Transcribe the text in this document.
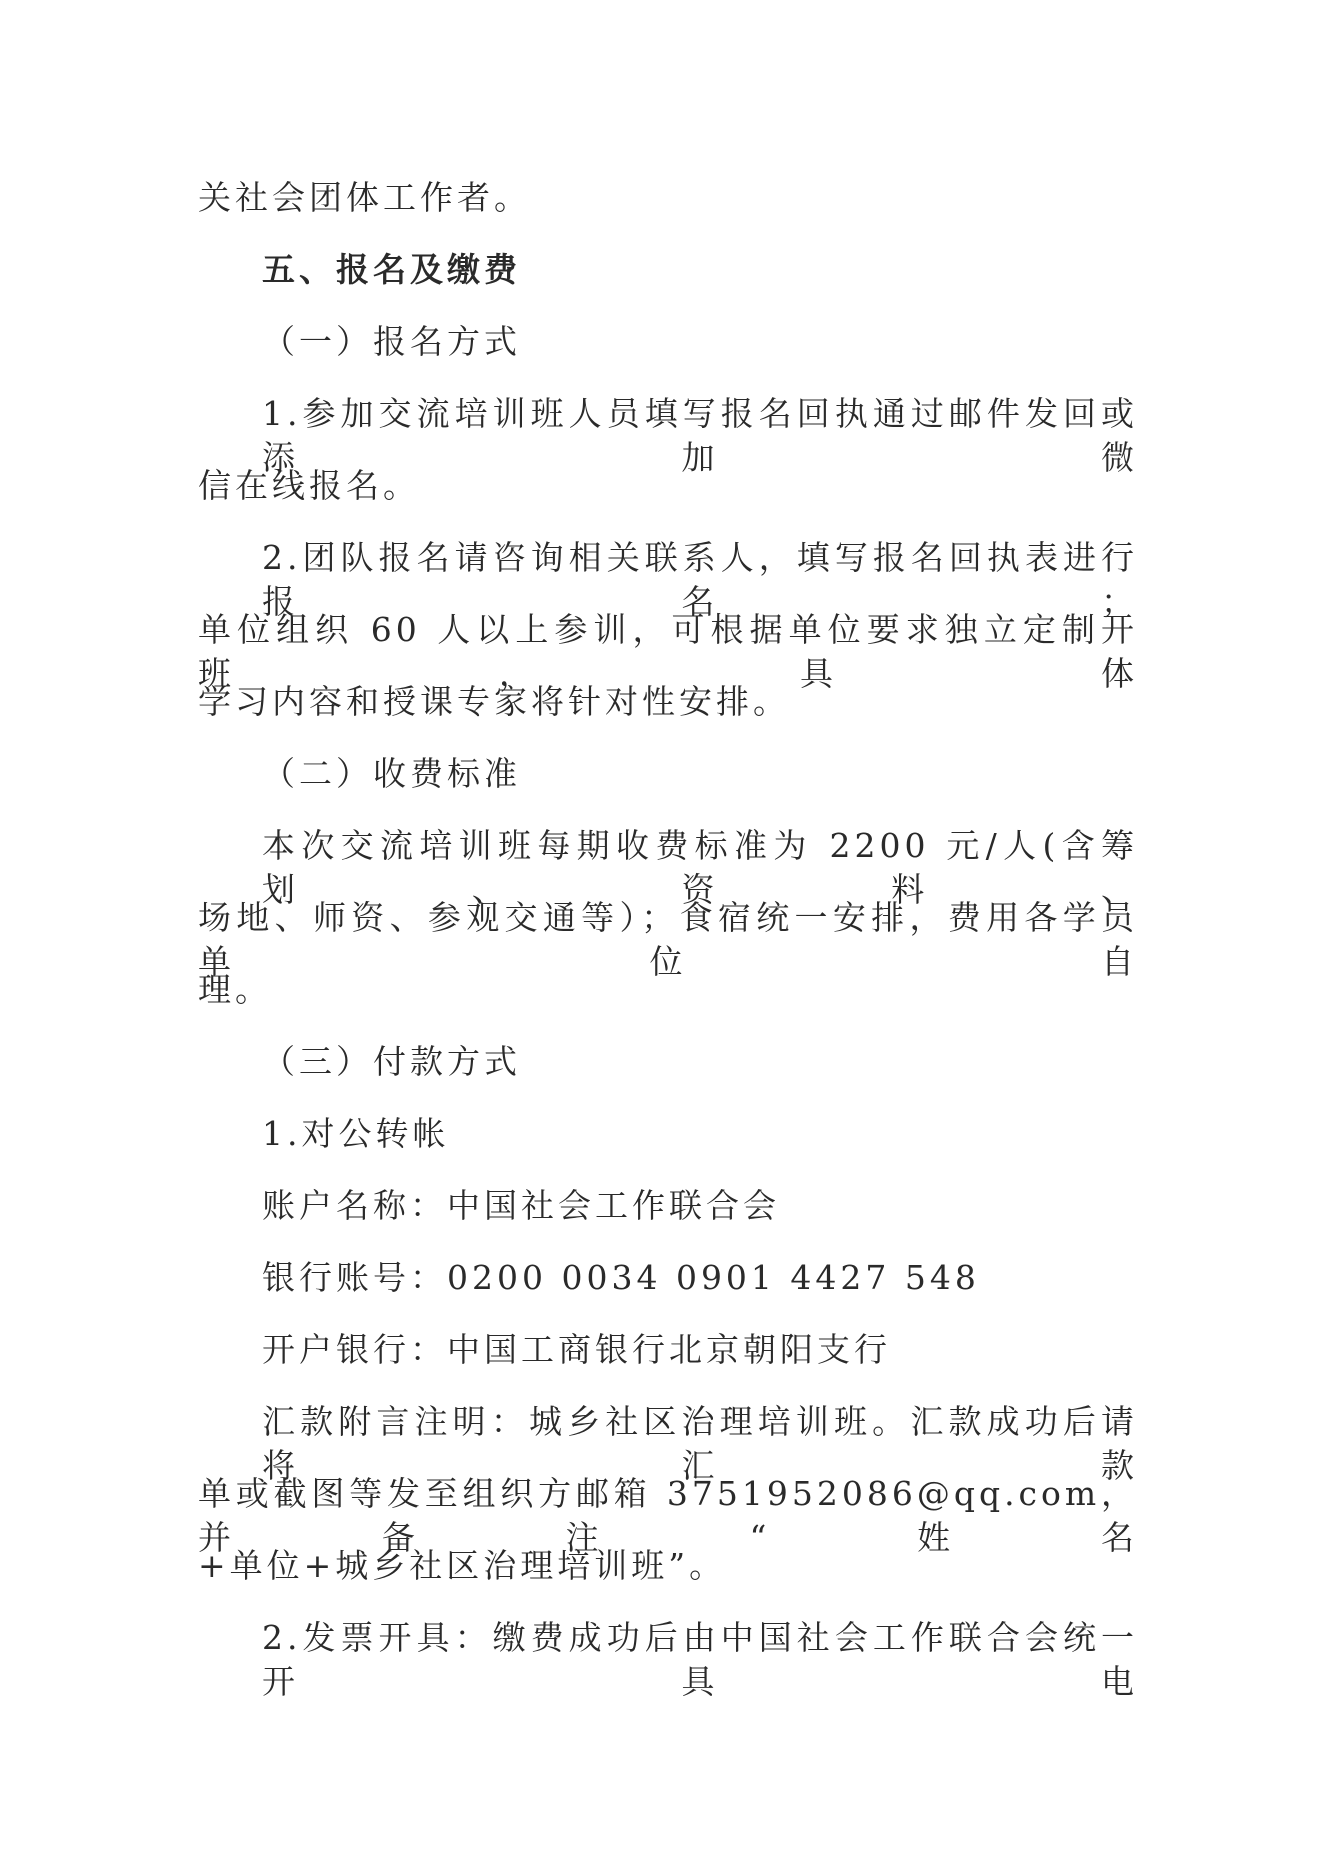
关社会团体工作者。
五、报名及缴费
（一）报名方式
1.参加交流培训班人员填写报名回执通过邮件发回或添加微
信在线报名。
2.团队报名请咨询相关联系人，填写报名回执表进行报名；
单位组织 60 人以上参训，可根据单位要求独立定制开班，具体
学习内容和授课专家将针对性安排。
（二）收费标准
本次交流培训班每期收费标准为 2200 元/人(含筹划、资料、
场地、师资、参观交通等）；食宿统一安排，费用各学员单位自
理。
（三）付款方式
1.对公转帐
账户名称：中国社会工作联合会
银行账号：0200 0034 0901 4427 548
开户银行：中国工商银行北京朝阳支行
汇款附言注明：城乡社区治理培训班。汇款成功后请将汇款
单或截图等发至组织方邮箱 3751952086@qq.com，并备注“姓名
+单位+城乡社区治理培训班”。
2.发票开具：缴费成功后由中国社会工作联合会统一开具电
